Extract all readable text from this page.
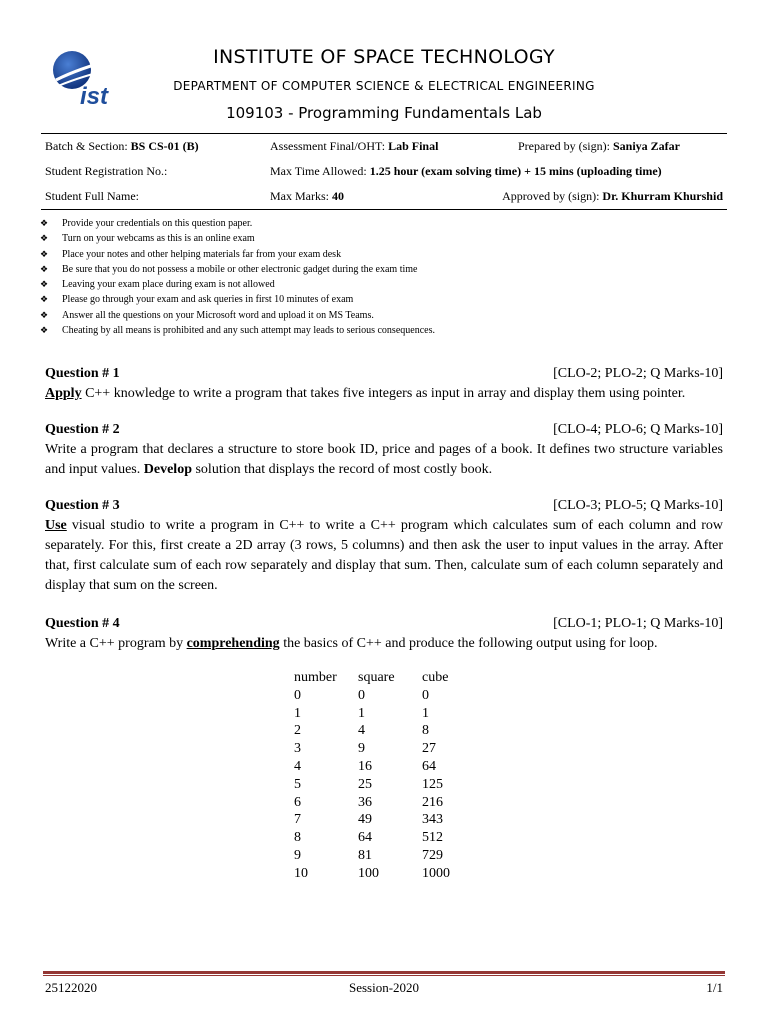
ist
INSTITUTE OF SPACE TECHNOLOGY
DEPARTMENT OF COMPUTER SCIENCE & ELECTRICAL ENGINEERING
109103 - Programming Fundamentals Lab
Batch & Section: BS CS-01 (B)	Assessment Final/OHT: Lab Final	Prepared by (sign): Saniya Zafar
Student Registration No.:	Max Time Allowed: 1.25 hour (exam solving time) + 15 mins (uploading time)	
Student Full Name:	Max Marks: 40	Approved by (sign): Dr. Khurram Khurshid
❖ Provide your credentials on this question paper.
❖ Turn on your webcams as this is an online exam
❖ Place your notes and other helping materials far from your exam desk
❖ Be sure that you do not possess a mobile or other electronic gadget during the exam time
❖ Leaving your exam place during exam is not allowed
❖ Please go through your exam and ask queries in first 10 minutes of exam
❖ Answer all the questions on your Microsoft word and upload it on MS Teams.
❖ Cheating by all means is prohibited and any such attempt may leads to serious consequences.
Question # 1	[CLO-2; PLO-2; Q Marks-10]
Apply C++ knowledge to write a program that takes five integers as input in array and display them using pointer.
Question # 2	[CLO-4; PLO-6; Q Marks-10]
Write a program that declares a structure to store book ID, price and pages of a book. It defines two structure variables and input values. Develop solution that displays the record of most costly book.
Question # 3	[CLO-3; PLO-5; Q Marks-10]
Use visual studio to write a program in C++ to write a C++ program which calculates sum of each column and row separately. For this, first create a 2D array (3 rows, 5 columns) and then ask the user to input values in the array. After that, first calculate sum of each row separately and display that sum. Then, calculate sum of each column separately and display that sum on the screen.
Question # 4	[CLO-1; PLO-1; Q Marks-10]
Write a C++ program by comprehending the basics of C++ and produce the following output using for loop.
number	square	cube
0	0	0
1	1	1
2	4	8
3	9	27
4	16	64
5	25	125
6	36	216
7	49	343
8	64	512
9	81	729
10	100	1000
25122020	Session-2020	1/1
